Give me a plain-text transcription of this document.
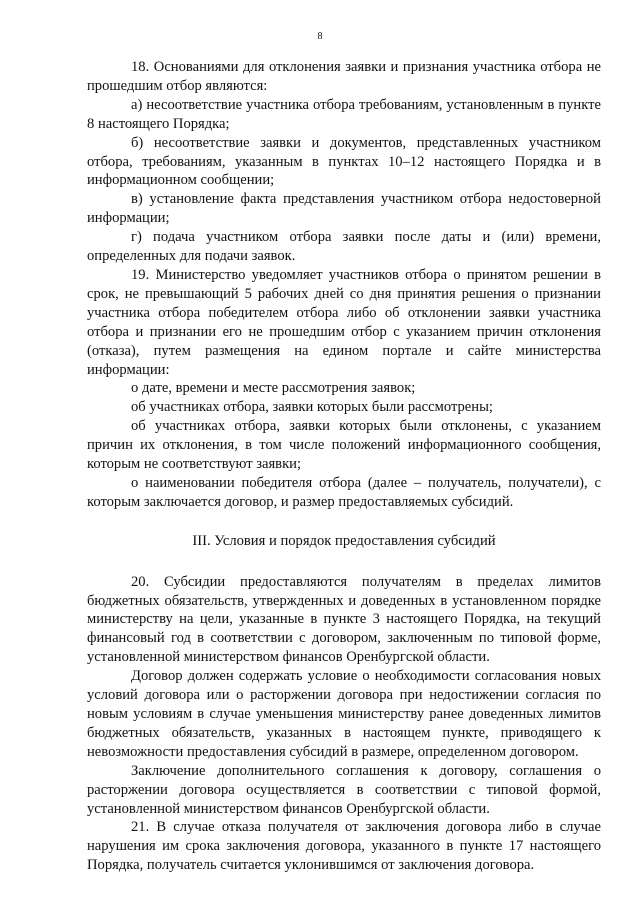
8

18. Основаниями для отклонения заявки и признания участника отбора не прошедшим отбор являются:

а) несоответствие участника отбора требованиям, установленным в пункте 8 настоящего Порядка;

б) несоответствие заявки и документов, представленных участником отбора, требованиям, указанным в пунктах 10–12 настоящего Порядка и в информационном сообщении;

в) установление факта представления участником отбора недостоверной информации;

г) подача участником отбора заявки после даты и (или) времени, определенных для подачи заявок.

19. Министерство уведомляет участников отбора о принятом решении в срок, не превышающий 5 рабочих дней со дня принятия решения о признании участника отбора победителем отбора либо об отклонении заявки участника отбора и признании его не прошедшим отбор с указанием причин отклонения (отказа), путем размещения на едином портале и сайте министерства информации:

о дате, времени и месте рассмотрения заявок;

об участниках отбора, заявки которых были рассмотрены;

об участниках отбора, заявки которых были отклонены, с указанием причин их отклонения, в том числе положений информационного сообщения, которым не соответствуют заявки;

о наименовании победителя отбора (далее – получатель, получатели), с которым заключается договор, и размер предоставляемых субсидий.

III. Условия и порядок предоставления субсидий

20. Субсидии предоставляются получателям в пределах лимитов бюджетных обязательств, утвержденных и доведенных в установленном порядке министерству на цели, указанные в пункте 3 настоящего Порядка, на текущий финансовый год в соответствии с договором, заключенным по типовой форме, установленной министерством финансов Оренбургской области.

Договор должен содержать условие о необходимости согласования новых условий договора или о расторжении договора при недостижении согласия по новым условиям в случае уменьшения министерству ранее доведенных лимитов бюджетных обязательств, указанных в настоящем пункте, приводящего к невозможности предоставления субсидий в размере, определенном договором.

Заключение дополнительного соглашения к договору, соглашения о расторжении договора осуществляется в соответствии с типовой формой, установленной министерством финансов Оренбургской области.

21. В случае отказа получателя от заключения договора либо в случае нарушения им срока заключения договора, указанного в пункте 17 настоящего Порядка, получатель считается уклонившимся от заключения договора.
